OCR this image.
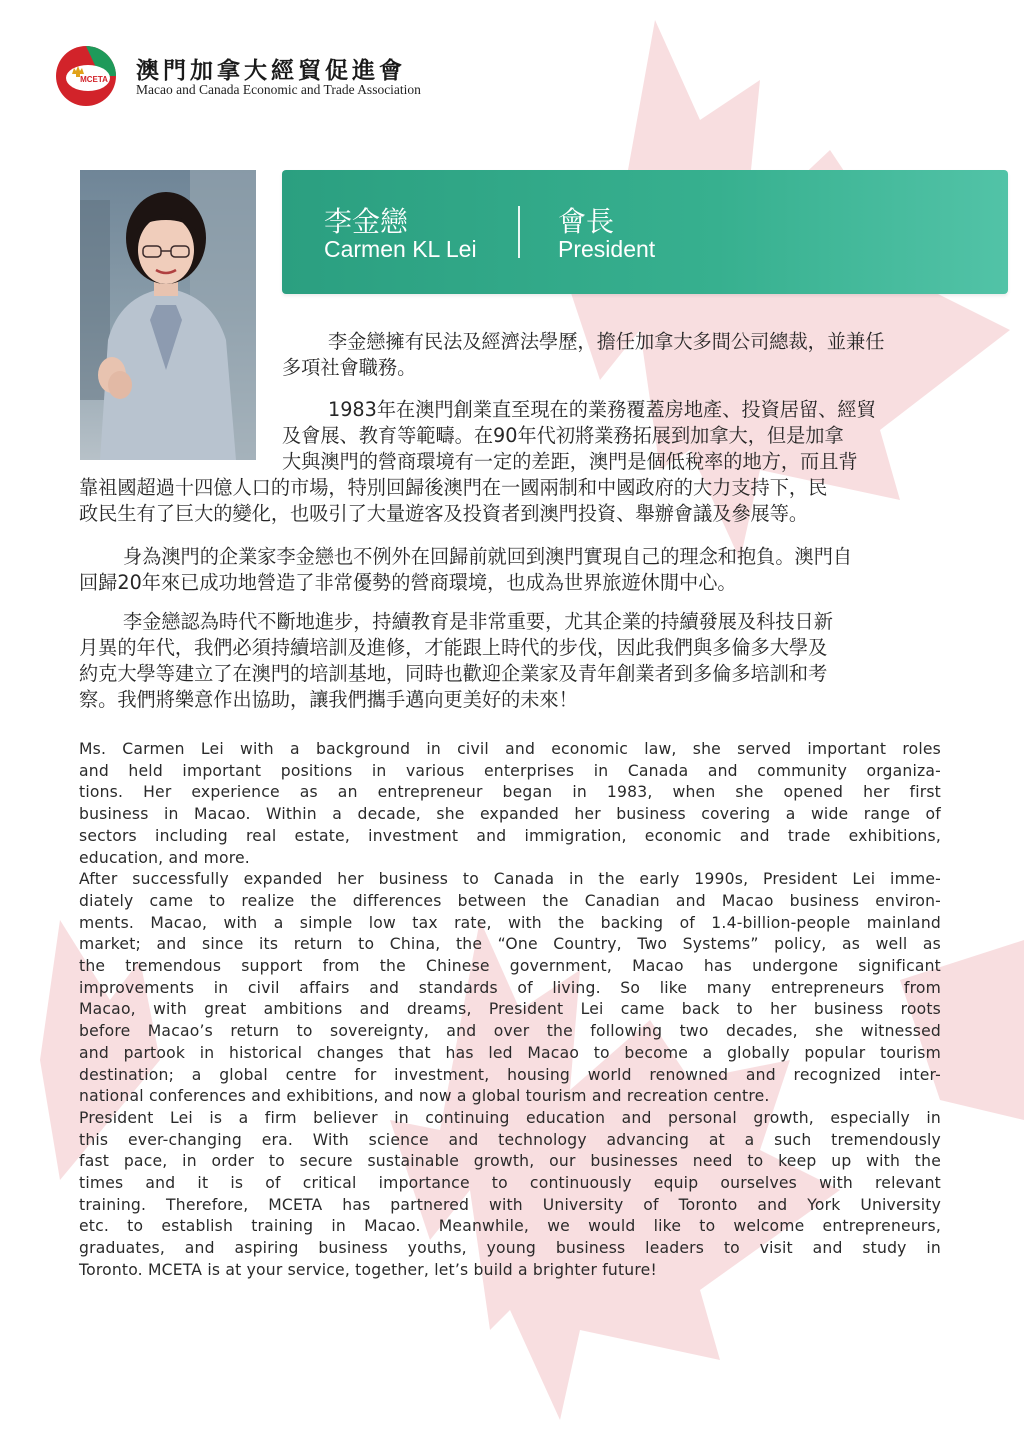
MCETA 澳門加拿大經貿促進會
Macao and Canada Economic and Trade Association
李金戀
Carmen KL Lei
會長
President
李金戀擁有民法及經濟法學歷，擔任加拿大多間公司總裁，並兼任
多項社會職務。
1983年在澳門創業直至現在的業務覆蓋房地產、投資居留、經貿
及會展、教育等範疇。在90年代初將業務拓展到加拿大，但是加拿
大與澳門的營商環境有一定的差距，澳門是個低稅率的地方，而且背
靠祖國超過十四億人口的市場，特別回歸後澳門在一國兩制和中國政府的大力支持下，民
政民生有了巨大的變化，也吸引了大量遊客及投資者到澳門投資、舉辦會議及參展等。
身為澳門的企業家李金戀也不例外在回歸前就回到澳門實現自己的理念和抱負。澳門自
回歸20年來已成功地營造了非常優勢的營商環境，也成為世界旅遊休閒中心。
李金戀認為時代不斷地進步，持續教育是非常重要，尤其企業的持續發展及科技日新
月異的年代，我們必須持續培訓及進修，才能跟上時代的步伐，因此我們與多倫多大學及
約克大學等建立了在澳門的培訓基地，同時也歡迎企業家及青年創業者到多倫多培訓和考
察。我們將樂意作出協助，讓我們攜手邁向更美好的未來！
Ms. Carmen Lei with a background in civil and economic law, she served important roles
and held important positions in various enterprises in Canada and community organiza-
tions. Her experience as an entrepreneur began in 1983, when she opened her first
business in Macao. Within a decade, she expanded her business covering a wide range of
sectors including real estate, investment and immigration, economic and trade exhibitions,
education, and more.
After successfully expanded her business to Canada in the early 1990s, President Lei imme-
diately came to realize the differences between the Canadian and Macao business environ-
ments. Macao, with a simple low tax rate, with the backing of 1.4-billion-people mainland
market; and since its return to China, the “One Country, Two Systems” policy, as well as
the tremendous support from the Chinese government, Macao has undergone significant
improvements in civil affairs and standards of living. So like many entrepreneurs from
Macao, with great ambitions and dreams, President Lei came back to her business roots
before Macao’s return to sovereignty, and over the following two decades, she witnessed
and partook in historical changes that has led Macao to become a globally popular tourism
destination; a global centre for investment, housing world renowned and recognized inter-
national conferences and exhibitions, and now a global tourism and recreation centre.
President Lei is a firm believer in continuing education and personal growth, especially in
this ever-changing era. With science and technology advancing at a such tremendously
fast pace, in order to secure sustainable growth, our businesses need to keep up with the
times and it is of critical importance to continuously equip ourselves with relevant
training. Therefore, MCETA has partnered with University of Toronto and York University
etc. to establish training in Macao. Meanwhile, we would like to welcome entrepreneurs,
graduates, and aspiring business youths, young business leaders to visit and study in
Toronto. MCETA is at your service, together, let’s build a brighter future!
